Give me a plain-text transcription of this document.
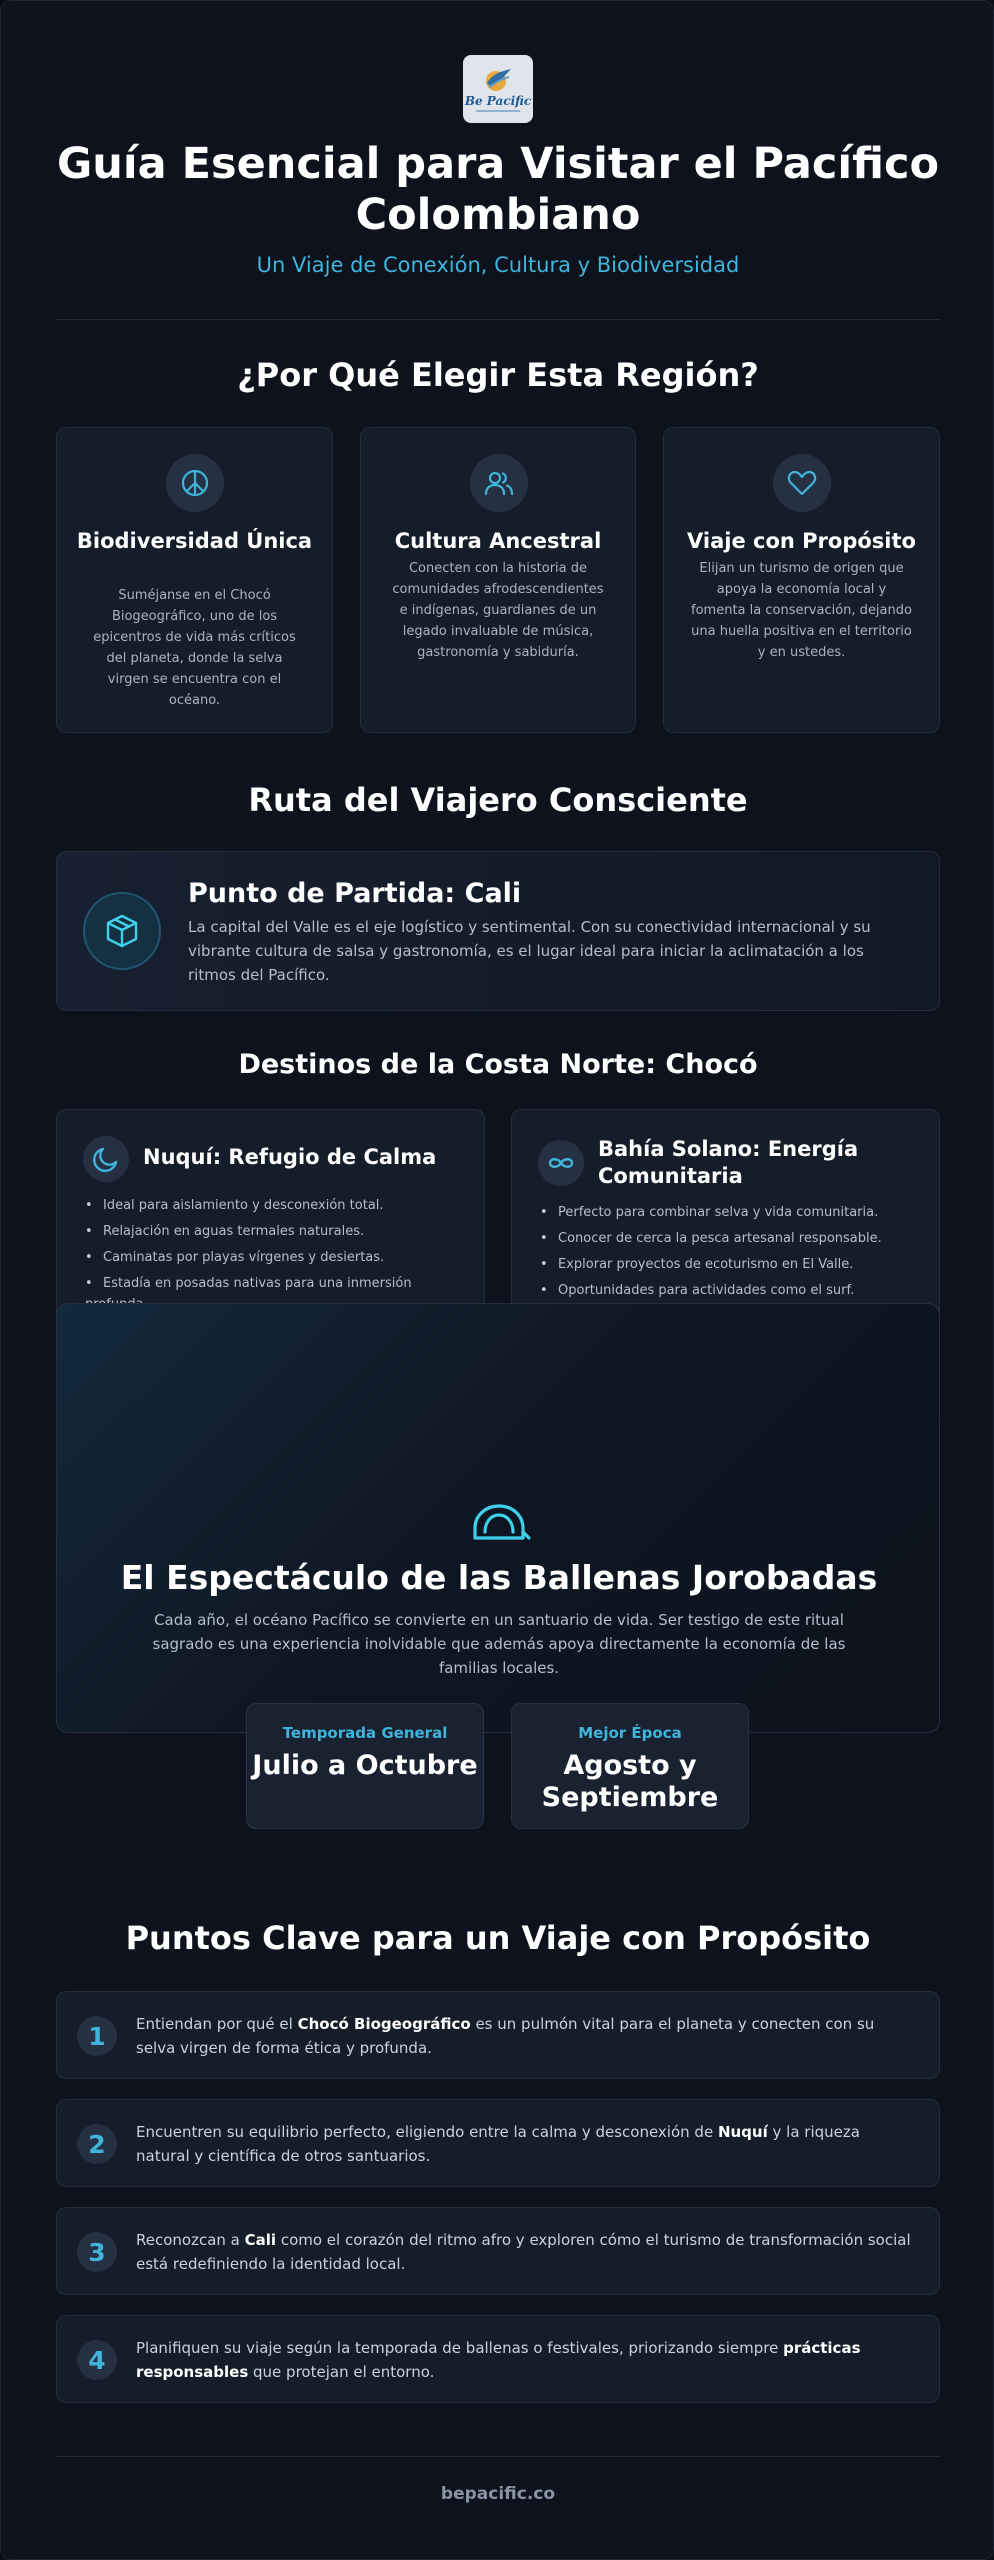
Be Pacific
Guía Esencial para Visitar el Pacífico Colombiano
Un Viaje de Conexión, Cultura y Biodiversidad
¿Por Qué Elegir Esta Región?
Biodiversidad Única
Suméjanse en el Chocó Biogeográfico, uno de los epicentros de vida más críticos del planeta, donde la selva virgen se encuentra con el océano.
Cultura Ancestral
Conecten con la historia de comunidades afrodescendientes e indígenas, guardianes de un legado invaluable de música, gastronomía y sabiduría.
Viaje con Propósito
Elijan un turismo de origen que apoya la economía local y fomenta la conservación, dejando una huella positiva en el territorio y en ustedes.
Ruta del Viajero Consciente
Punto de Partida: Cali
La capital del Valle es el eje logístico y sentimental. Con su conectividad internacional y su vibrante cultura de salsa y gastronomía, es el lugar ideal para iniciar la aclimatación a los ritmos del Pacífico.
Destinos de la Costa Norte: Chocó
Nuquí: Refugio de Calma
• Ideal para aislamiento y desconexión total.
• Relajación en aguas termales naturales.
• Caminatas por playas vírgenes y desiertas.
• Estadía en posadas nativas para una inmersión
Bahía Solano: Energía Comunitaria
• Perfecto para combinar selva y vida comunitaria.
• Conocer de cerca la pesca artesanal responsable.
• Explorar proyectos de ecoturismo en El Valle.
• Oportunidades para actividades como el surf.
El Espectáculo de las Ballenas Jorobadas
Cada año, el océano Pacífico se convierte en un santuario de vida. Ser testigo de este ritual sagrado es una experiencia inolvidable que además apoya directamente la economía de las familias locales.
Temporada General
Julio a Octubre
Mejor Época
Agosto y Septiembre
Puntos Clave para un Viaje con Propósito
1	Entiendan por qué el Chocó Biogeográfico es un pulmón vital para el planeta y conecten con su selva virgen de forma ética y profunda.
2	Encuentren su equilibrio perfecto, eligiendo entre la calma y desconexión de Nuquí y la riqueza natural y científica de otros santuarios.
3	Reconozcan a Cali como el corazón del ritmo afro y exploren cómo el turismo de transformación social está redefiniendo la identidad local.
4	Planifiquen su viaje según la temporada de ballenas o festivales, priorizando siempre prácticas responsables que protejan el entorno.
bepacific.co
